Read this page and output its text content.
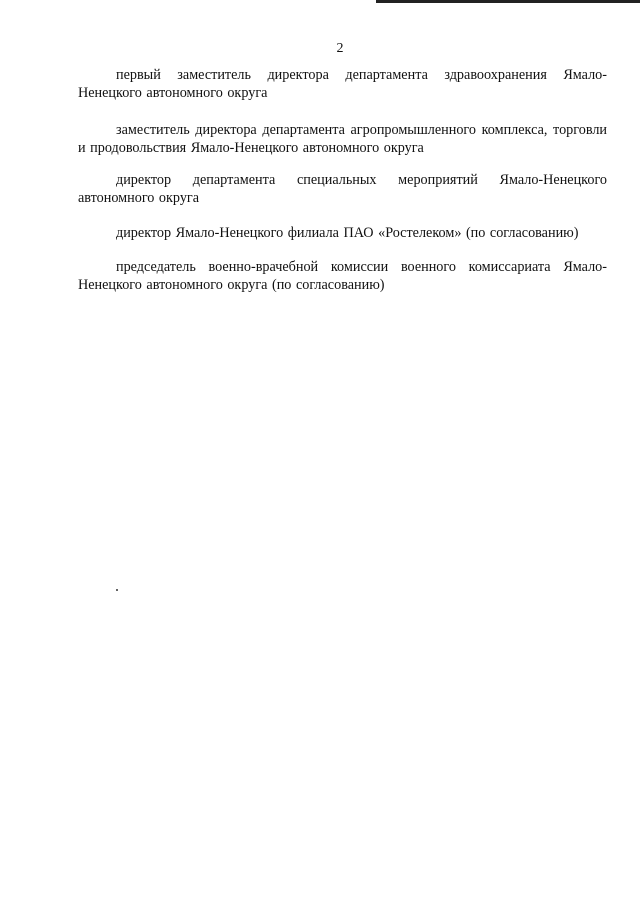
2

первый заместитель директора департамента здравоохранения Ямало-Ненецкого автономного округа

заместитель директора департамента агропромышленного комплекса, торговли и продовольствия Ямало-Ненецкого автономного округа

директор департамента специальных мероприятий Ямало-Ненецкого автономного округа

директор Ямало-Ненецкого филиала ПАО «Ростелеком» (по согласованию)

председатель военно-врачебной комиссии военного комиссариата Ямало-Ненецкого автономного округа (по согласованию)
